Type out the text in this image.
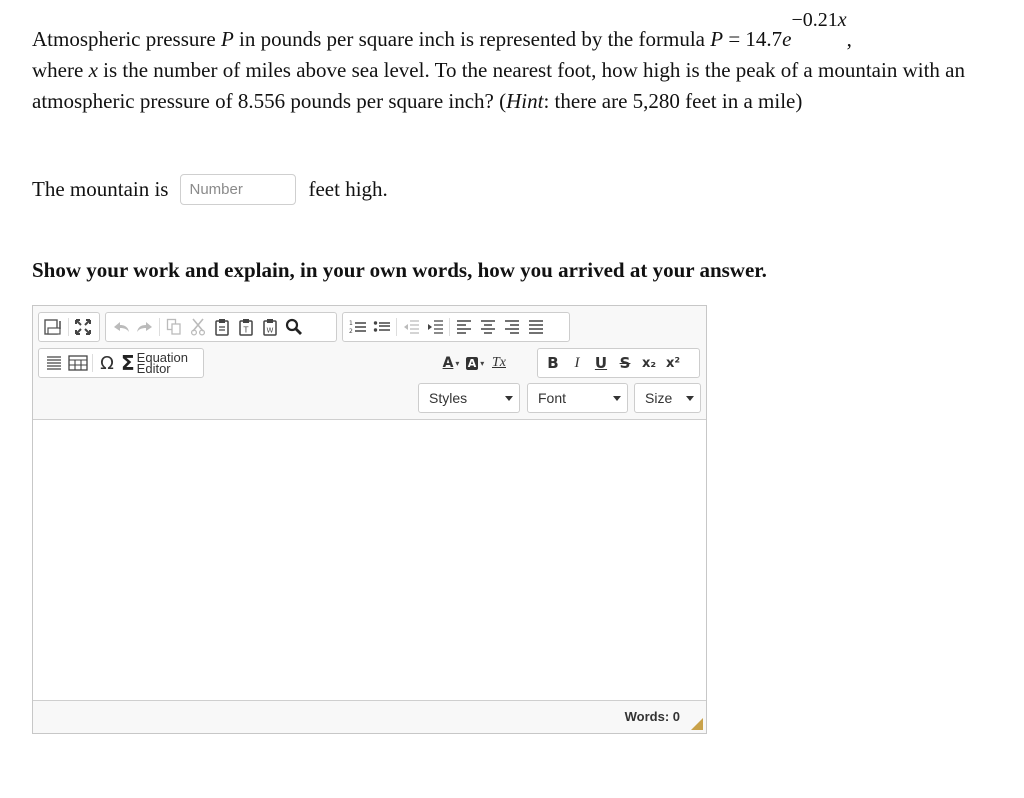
Atmospheric pressure P in pounds per square inch is represented by the formula $P = 14.7e^{-0.21x}$,
where x is the number of miles above sea level. To the nearest foot, how high is the peak of a mountain with an atmospheric pressure of 8.556 pounds per square inch? (Hint: there are 5,280 feet in a mile)
The mountain is
Number	feet high.
Show your work and explain, in your own words, how you arrived at your answer.
T	W
1
2
Ω Σ Equation
Editor	A ▾ A ▾ Tx	B I U S x₂ x²
Styles	Font	Size
Words: 0
